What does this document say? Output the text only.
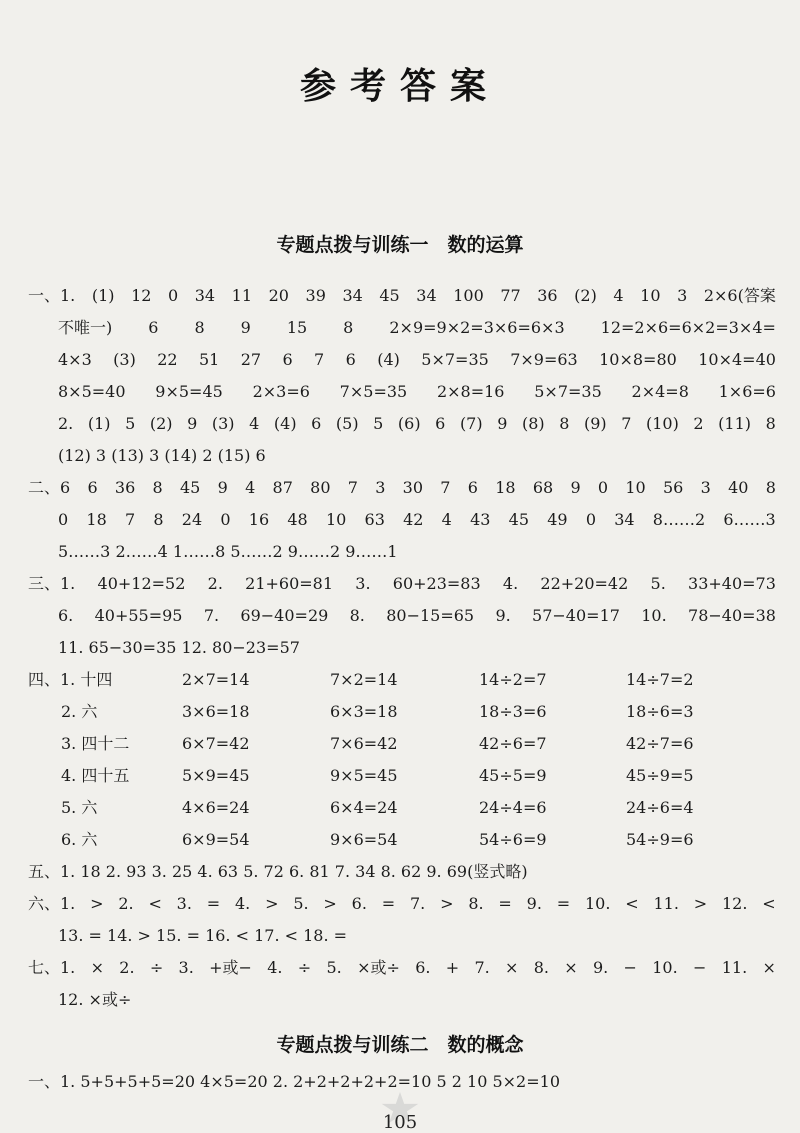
参考答案
专题点拨与训练一　数的运算
一、1. (1) 12 0 34 11 20 39 34 45 34 100 77 36 (2) 4 10 3 2×6(答案
不唯一) 6 8 9 15 8 2×9=9×2=3×6=6×3 12=2×6=6×2=3×4=
4×3 (3) 22 51 27 6 7 6 (4) 5×7=35 7×9=63 10×8=80 10×4=40
8×5=40 9×5=45 2×3=6 7×5=35 2×8=16 5×7=35 2×4=8 1×6=6
2. (1) 5 (2) 9 (3) 4 (4) 6 (5) 5 (6) 6 (7) 9 (8) 8 (9) 7 (10) 2 (11) 8
(12) 3 (13) 3 (14) 2 (15) 6
二、6 6 36 8 45 9 4 87 80 7 3 30 7 6 18 68 9 0 10 56 3 40 8
0 18 7 8 24 0 16 48 10 63 42 4 43 45 49 0 34 8……2 6……3
5……3 2……4 1……8 5……2 9……2 9……1
三、1. 40+12=52 2. 21+60=81 3. 60+23=83 4. 22+20=42 5. 33+40=73
6. 40+55=95 7. 69−40=29 8. 80−15=65 9. 57−40=17 10. 78−40=38
11. 65−30=35 12. 80−23=57
四、1. 十四	2×7=14	7×2=14	14÷2=7	14÷7=2
2. 六	3×6=18	6×3=18	18÷3=6	18÷6=3
3. 四十二	6×7=42	7×6=42	42÷6=7	42÷7=6
4. 四十五	5×9=45	9×5=45	45÷5=9	45÷9=5
5. 六	4×6=24	6×4=24	24÷4=6	24÷6=4
6. 六	6×9=54	9×6=54	54÷6=9	54÷9=6
五、1. 18 2. 93 3. 25 4. 63 5. 72 6. 81 7. 34 8. 62 9. 69(竖式略)
六、1. > 2. < 3. = 4. > 5. > 6. = 7. > 8. = 9. = 10. < 11. > 12. <
13. = 14. > 15. = 16. < 17. < 18. =
七、1. × 2. ÷ 3. +或− 4. ÷ 5. ×或÷ 6. + 7. × 8. × 9. − 10. − 11. ×
12. ×或÷
专题点拨与训练二　数的概念
一、1. 5+5+5+5=20 4×5=20 2. 2+2+2+2+2=10 5 2 10 5×2=10
105
